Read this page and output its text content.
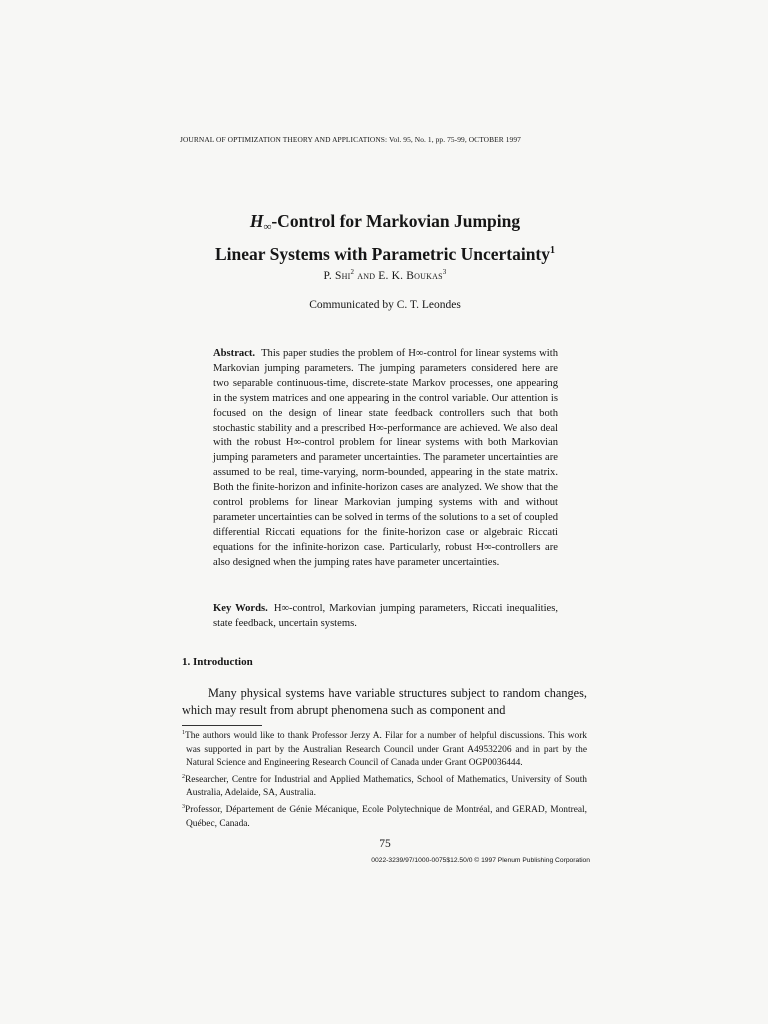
JOURNAL OF OPTIMIZATION THEORY AND APPLICATIONS: Vol. 95, No. 1, pp. 75-99, OCTOBER 1997
$H_\infty$-Control for Markovian Jumping
Linear Systems with Parametric Uncertainty$^1$
P. Shi$^2$ and E. K. Boukas$^3$
Communicated by C. T. Leondes

Abstract. This paper studies the problem of H∞-control for linear systems with Markovian jumping parameters. The jumping parameters considered here are two separable continuous-time, discrete-state Markov processes, one appearing in the system matrices and one appearing in the control variable. Our attention is focused on the design of linear state feedback controllers such that both stochastic stability and a prescribed H∞-performance are achieved. We also deal with the robust H∞-control problem for linear systems with both Markovian jumping parameters and parameter uncertainties. The parameter uncertainties are assumed to be real, time-varying, norm-bounded, appearing in the state matrix. Both the finite-horizon and infinite-horizon cases are analyzed. We show that the control problems for linear Markovian jumping systems with and without parameter uncertainties can be solved in terms of the solutions to a set of coupled differential Riccati equations for the finite-horizon case or algebraic Riccati equations for the infinite-horizon case. Particularly, robust H∞-controllers are also designed when the jumping rates have parameter uncertainties.

Key Words. H∞-control, Markovian jumping parameters, Riccati inequalities, state feedback, uncertain systems.

1. Introduction

Many physical systems have variable structures subject to random changes, which may result from abrupt phenomena such as component and

$^1$The authors would like to thank Professor Jerzy A. Filar for a number of helpful discussions. This work was supported in part by the Australian Research Council under Grant A49532206 and in part by the Natural Science and Engineering Research Council of Canada under Grant OGP0036444.
$^2$Researcher, Centre for Industrial and Applied Mathematics, School of Mathematics, University of South Australia, Adelaide, SA, Australia.
$^3$Professor, Département de Génie Mécanique, Ecole Polytechnique de Montréal, and GERAD, Montreal, Québec, Canada.
75
0022-3239/97/1000-0075$12.50/0 © 1997 Plenum Publishing Corporation
